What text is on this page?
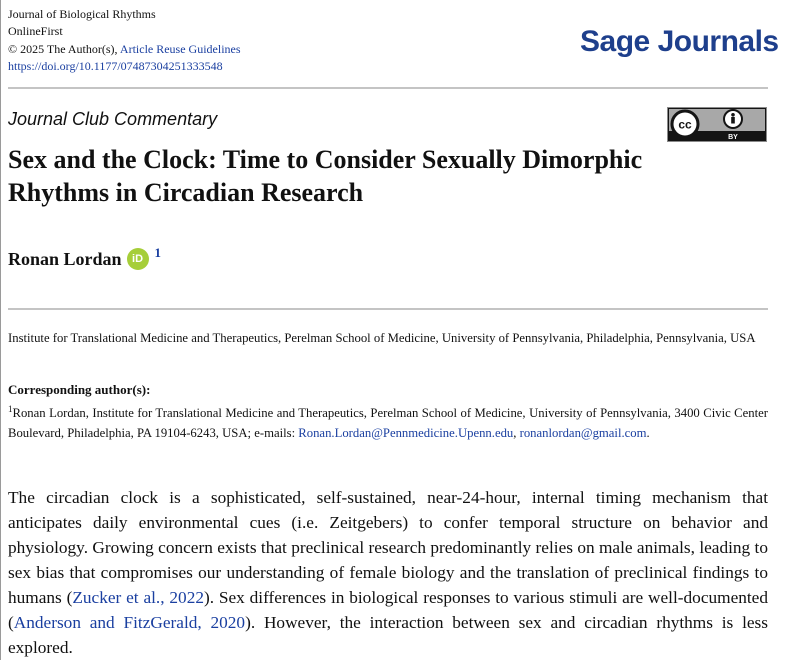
Journal of Biological Rhythms
OnlineFirst
© 2025 The Author(s), Article Reuse Guidelines
https://doi.org/10.1177/07487304251333548
Sage Journals
Journal Club Commentary	cc
BY
Sex and the Clock: Time to Consider Sexually Dimorphic Rhythms in Circadian Research
Ronan Lordan iD 1
Institute for Translational Medicine and Therapeutics, Perelman School of Medicine, University of Pennsylvania, Philadelphia, Pennsylvania, USA
Corresponding author(s):
$^1$Ronan Lordan, Institute for Translational Medicine and Therapeutics, Perelman School of Medicine, University of Pennsylvania, 3400 Civic Center Boulevard, Philadelphia, PA 19104-6243, USA; e-mails: Ronan.Lordan@Pennmedicine.Upenn.edu, ronanlordan@gmail.com.
The circadian clock is a sophisticated, self-sustained, near-24-hour, internal timing mechanism that anticipates daily environmental cues (i.e. Zeitgebers) to confer temporal structure on behavior and physiology. Growing concern exists that preclinical research predominantly relies on male animals, leading to sex bias that compromises our understanding of female biology and the translation of preclinical findings to humans (Zucker et al., 2022). Sex differences in biological responses to various stimuli are well-documented (Anderson and FitzGerald, 2020). However, the interaction between sex and circadian rhythms is less explored.
